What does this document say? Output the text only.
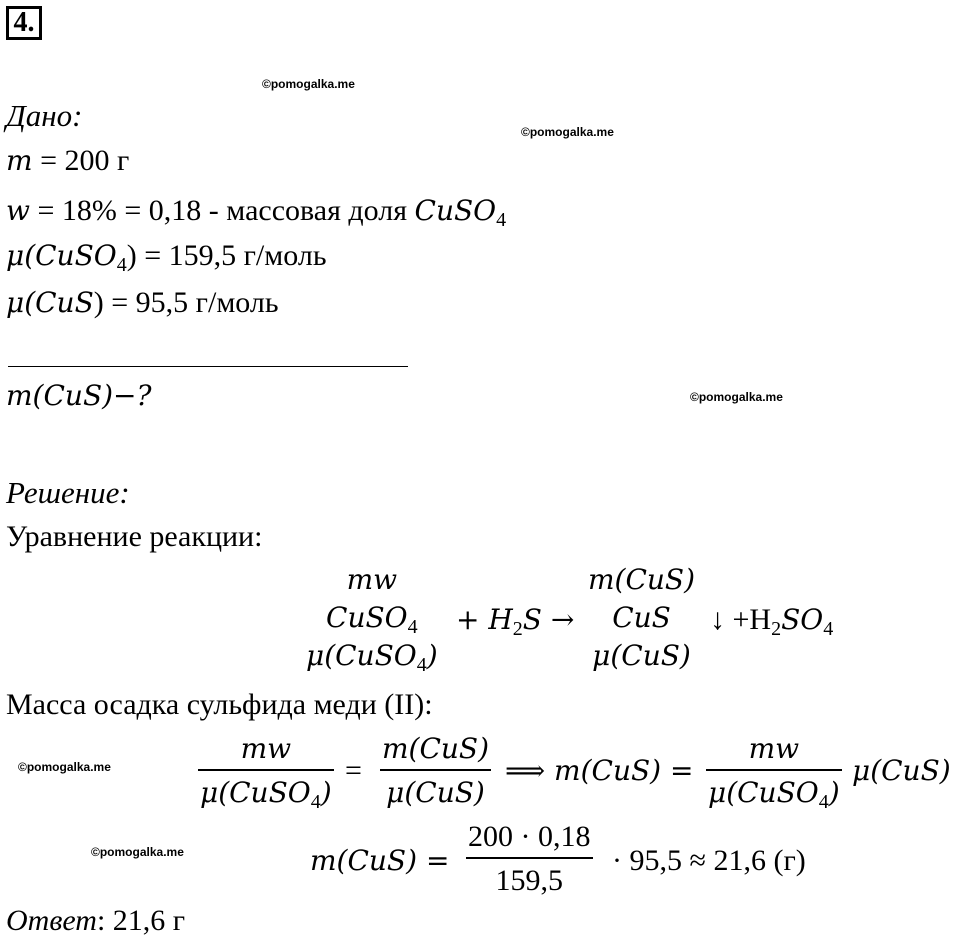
4.
©pomogalka.me
©pomogalka.me
©pomogalka.me
©pomogalka.me
©pomogalka.me
Дано:
m = 200 г
w = 18% = 0,18 - массовая доля CuSO$_4$
μ(CuSO$_4$) = 159,5 г/моль
μ(CuS) = 95,5 г/моль
m(CuS)−?
Решение:
Уравнение реакции:
mw
CuSO$_4$
μ(CuSO$_4$)
+ $H_2S$ →
m(CuS)
CuS
μ(CuS)
↓ $+H_2SO_4$
Масса осадка сульфида меди (II):
mw
μ(CuSO$_4$)
=
m(CuS)
μ(CuS)
⟹ m(CuS) =
mw
μ(CuSO$_4$)
μ(CuS)
m(CuS) =
200 · 0,18
159,5
· 95,5 ≈ 21,6 (г)
Ответ: 21,6 г
